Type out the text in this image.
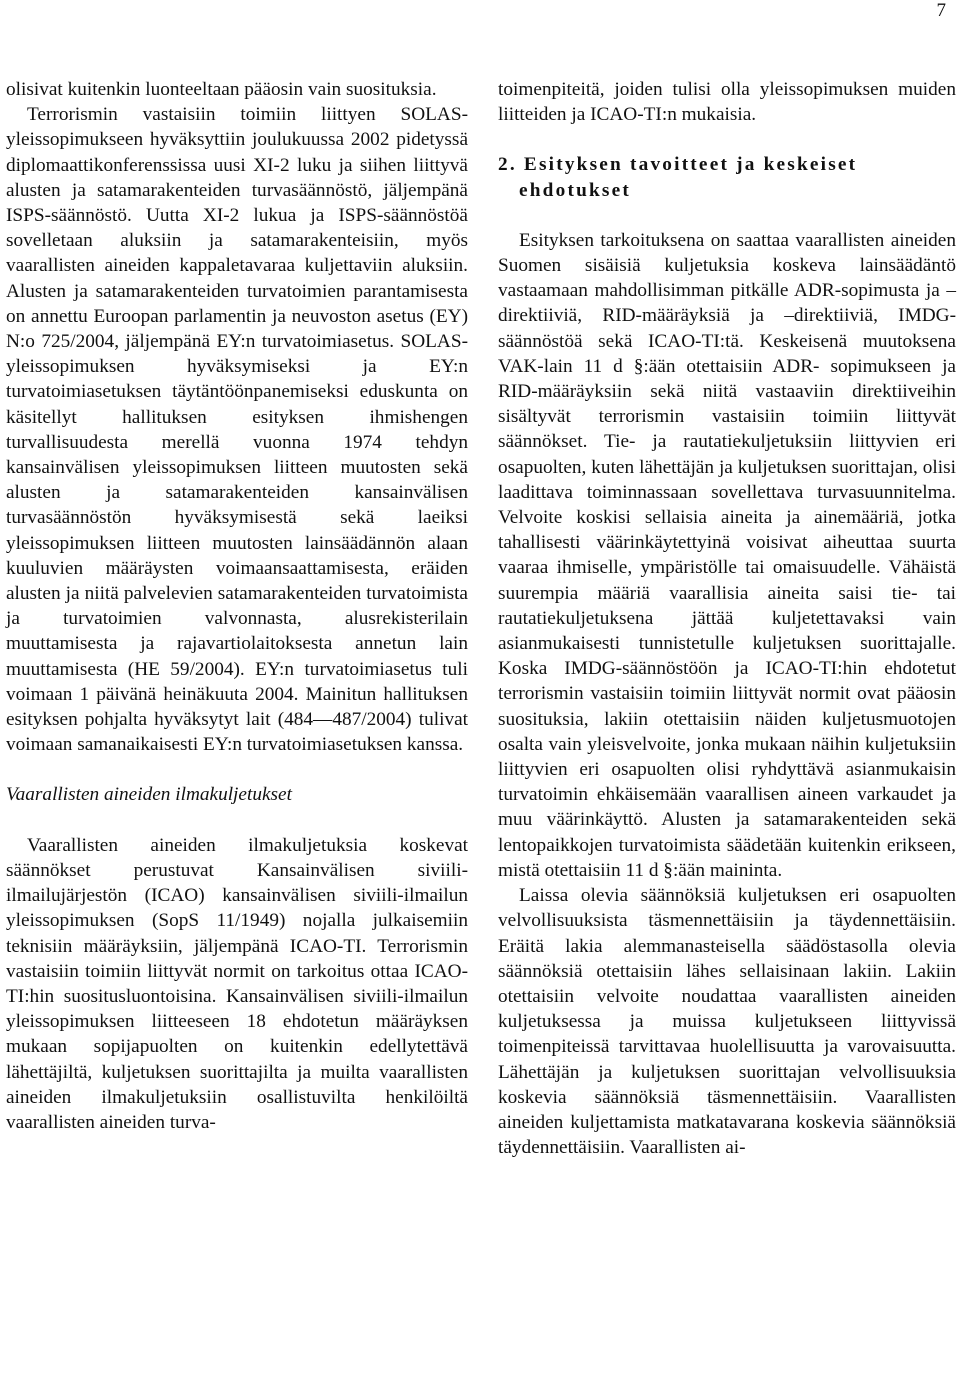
7

olisivat kuitenkin luonteeltaan pääosin vain suosituksia.

Terrorismin vastaisiin toimiin liittyen SOLAS-yleissopimukseen hyväksyttiin joulukuussa 2002 pidetyssä diplomaattikonferenssissa uusi XI-2 luku ja siihen liittyvä alusten ja satamarakenteiden turvasäännöstö, jäljempänä ISPS-säännöstö. Uutta XI-2 lukua ja ISPS-säännöstöä sovelletaan aluksiin ja satamarakenteisiin, myös vaarallisten aineiden kappaletavaraa kuljettaviin aluksiin. Alusten ja satamarakenteiden turvatoimien parantamisesta on annettu Euroopan parlamentin ja neuvoston asetus (EY) N:o 725/2004, jäljempänä EY:n turvatoimiasetus. SOLAS-yleissopimuksen hyväksymiseksi ja EY:n turvatoimiasetuksen täytäntöönpanemiseksi eduskunta on käsitellyt hallituksen esityksen ihmishengen turvallisuudesta merellä vuonna 1974 tehdyn kansainvälisen yleissopimuksen liitteen muutosten sekä alusten ja satamarakenteiden kansainvälisen turvasäännöstön hyväksymisestä sekä laeiksi yleissopimuksen liitteen muutosten lainsäädännön alaan kuuluvien määräysten voimaansaattamisesta, eräiden alusten ja niitä palvelevien satamarakenteiden turvatoimista ja turvatoimien valvonnasta, alusrekisterilain muuttamisesta ja rajavartiolaitoksesta annetun lain muuttamisesta (HE 59/2004). EY:n turvatoimiasetus tuli voimaan 1 päivänä heinäkuuta 2004. Mainitun hallituksen esityksen pohjalta hyväksytyt lait (484—487/2004) tulivat voimaan samanaikaisesti EY:n turvatoimiasetuksen kanssa.

Vaarallisten aineiden ilmakuljetukset

Vaarallisten aineiden ilmakuljetuksia koskevat säännökset perustuvat Kansainvälisen siviili-ilmailujärjestön (ICAO) kansainvälisen siviili-ilmailun yleissopimuksen (SopS 11/1949) nojalla julkaisemiin teknisiin määräyksiin, jäljempänä ICAO-TI. Terrorismin vastaisiin toimiin liittyvät normit on tarkoitus ottaa ICAO-TI:hin suositusluontoisina. Kansainvälisen siviili-ilmailun yleissopimuksen liitteeseen 18 ehdotetun määräyksen mukaan sopijapuolten on kuitenkin edellytettävä lähettäjiltä, kuljetuksen suorittajilta ja muilta vaarallisten aineiden ilmakuljetuksiin osallistuvilta henkilöiltä vaarallisten aineiden turva-

toimenpiteitä, joiden tulisi olla yleissopimuksen muiden liitteiden ja ICAO-TI:n mukaisia.

2. Esityksen tavoitteet ja keskeiset ehdotukset

Esityksen tarkoituksena on saattaa vaarallisten aineiden Suomen sisäisiä kuljetuksia koskeva lainsäädäntö vastaamaan mahdollisimman pitkälle ADR-sopimusta ja – direktiiviä, RID-määräyksiä ja –direktiiviä, IMDG-säännöstöä sekä ICAO-TI:tä. Keskeisenä muutoksena VAK-lain 11 d §:ään otettaisiin ADR- sopimukseen ja RID-määräyksiin sekä niitä vastaaviin direktiiveihin sisältyvät terrorismin vastaisiin toimiin liittyvät säännökset. Tie- ja rautatiekuljetuksiin liittyvien eri osapuolten, kuten lähettäjän ja kuljetuksen suorittajan, olisi laadittava toiminnassaan sovellettava turvasuunnitelma. Velvoite koskisi sellaisia aineita ja ainemääriä, jotka tahallisesti väärinkäytettyinä voisivat aiheuttaa suurta vaaraa ihmiselle, ympäristölle tai omaisuudelle. Vähäistä suurempia määriä vaarallisia aineita saisi tie- tai rautatiekuljetuksena jättää kuljetettavaksi vain asianmukaisesti tunnistetulle kuljetuksen suorittajalle. Koska IMDG-säännöstöön ja ICAO-TI:hin ehdotetut terrorismin vastaisiin toimiin liittyvät normit ovat pääosin suosituksia, lakiin otettaisiin näiden kuljetusmuotojen osalta vain yleisvelvoite, jonka mukaan näihin kuljetuksiin liittyvien eri osapuolten olisi ryhdyttävä asianmukaisin turvatoimin ehkäisemään vaarallisen aineen varkaudet ja muu väärinkäyttö. Alusten ja satamarakenteiden sekä lentopaikkojen turvatoimista säädetään kuitenkin erikseen, mistä otettaisiin 11 d §:ään maininta.

Laissa olevia säännöksiä kuljetuksen eri osapuolten velvollisuuksista täsmennettäisiin ja täydennettäisiin. Eräitä lakia alemmanasteisella säädöstasolla olevia säännöksiä otettaisiin lähes sellaisinaan lakiin. Lakiin otettaisiin velvoite noudattaa vaarallisten aineiden kuljetuksessa ja muissa kuljetukseen liittyvissä toimenpiteissä tarvittavaa huolellisuutta ja varovaisuutta. Lähettäjän ja kuljetuksen suorittajan velvollisuuksia koskevia säännöksiä täsmennettäisiin. Vaarallisten aineiden kuljettamista matkatavarana koskevia säännöksiä täydennettäisiin. Vaarallisten ai-
